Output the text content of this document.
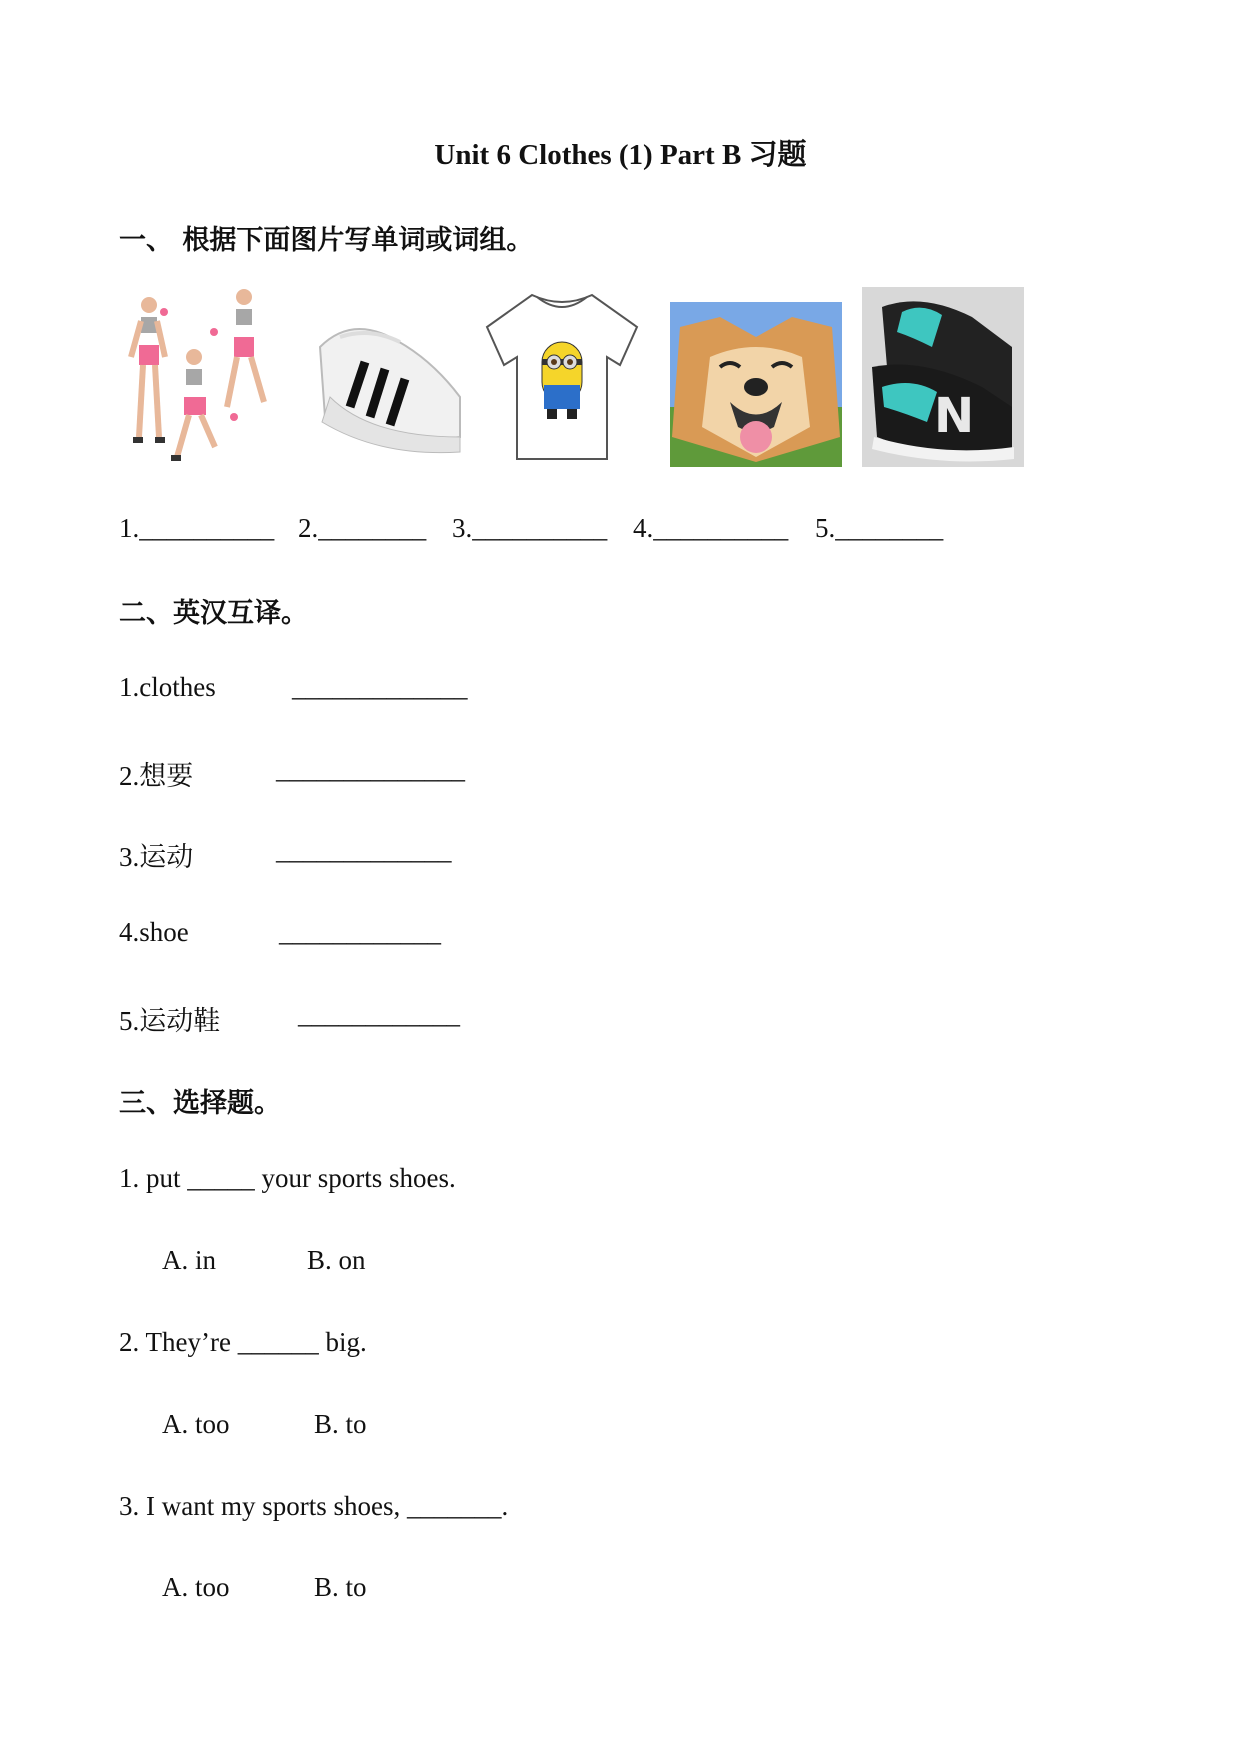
Unit 6 Clothes (1) Part B 习题
一、 根据下面图片写单词或词组。
N
1.__________ 2.________ 3.__________ 4.__________ 5.________
二、英汉互译。
1.clothes	_____________
2.想要	______________
3.运动	_____________
4.shoe	____________
5.运动鞋	____________
三、选择题。
1. put _____ your sports shoes.
A. in	B. on
2. They’re ______ big.
A. too	B. to
3. I want my sports shoes, _______.
A. too	B. to
